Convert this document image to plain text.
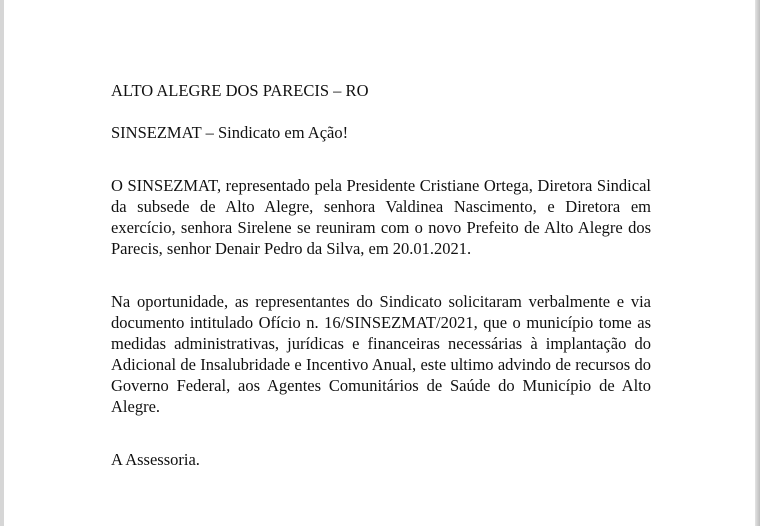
ALTO ALEGRE DOS PARECIS – RO

SINSEZMAT – Sindicato em Ação!

O SINSEZMAT, representado pela Presidente Cristiane Ortega, Diretora Sindical da subsede de Alto Alegre, senhora Valdinea Nascimento, e Diretora em exercício, senhora Sirelene se reuniram com o novo Prefeito de Alto Alegre dos Parecis, senhor Denair Pedro da Silva, em 20.01.2021.

Na oportunidade, as representantes do Sindicato solicitaram verbalmente e via documento intitulado Ofício n. 16/SINSEZMAT/2021, que o município tome as medidas administrativas, jurídicas e financeiras necessárias à implantação do Adicional de Insalubridade e Incentivo Anual, este ultimo advindo de recursos do Governo Federal, aos Agentes Comunitários de Saúde do Município de Alto Alegre.

A Assessoria.
